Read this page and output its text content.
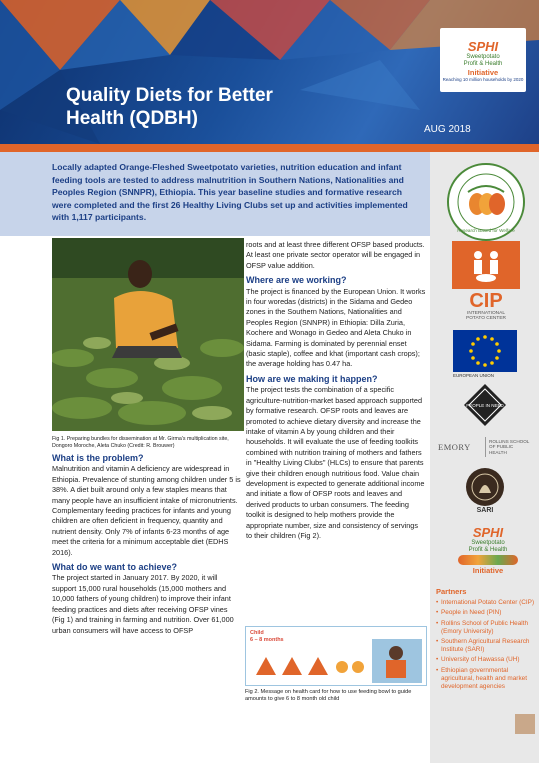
Quality Diets for Better
Health (QDBH)
AUG 2018
SPHI
Sweetpotato
Profit & Health
Initiative
Reaching 10 million households by 2020
Locally adapted Orange-Fleshed Sweetpotato varieties, nutrition education and infant feeding tools are tested to address malnutrition in Southern Nations, Nationalities and Peoples Region (SNNPR), Ethiopia. This year baseline studies and formative research were completed and the first 26 Healthy Living Clubs set up and activities implemented with 1,117 participants.
Research Based for Welfare
CIP
INTERNATIONAL
POTATO CENTER
EUROPEAN UNION
PEOPLE IN NEED
EMORY
ROLLINS SCHOOL OF PUBLIC HEALTH
SARI
SPHI
Sweetpotato
Profit & Health
Initiative
Partners
• International Potato Center (CIP)
• People in Need (PIN)
• Rollins School of Public Health (Emory University)
• Southern Agricultural Research Institute (SARI)
• University of Hawassa (UH)
• Ethiopian governmental agricultural, health and market development agencies
Fig 1. Preparing bundles for dissemination at Mr. Girma's multiplication site, Dongoro Moroche, Aleta Chuko (Credit: R. Brouwer)
What is the problem?

Malnutrition and vitamin A deficiency are widespread in Ethiopia. Prevalence of stunting among children under 5 is 38%. A diet built around only a few staples means that many people have an insufficient intake of micronutrients. Complementary feeding practices for infants and young children are often deficient in frequency, quantity and nutrient density. Only 7% of infants 6-23 months of age meet the criteria for a minimum acceptable diet (EDHS 2016).

What do we want to achieve?

The project started in January 2017. By 2020, it will support 15,000 rural households (15,000 mothers and 10,000 fathers of young children) to improve their infant feeding practices and diets after receiving OFSP vines (Fig 1) and training in farming and nutrition. Over 61,000 urban consumers will have access to OFSP

roots and at least three different OFSP based products. At least one private sector operator will be engaged in OFSP value addition.

Where are we working?

The project is financed by the European Union. It works in four woredas (districts) in the Sidama and Gedeo zones in the Southern Nations, Nationalities and Peoples Region (SNNPR) in Ethiopia: Dilla Zuria, Kochere and Wonago in Gedeo and Aleta Chuko in Sidama. Farming is dominated by perennial enset (basic staple), coffee and khat (important cash crops); the average holding has 0.47 ha.

How are we making it happen?

The project tests the combination of a specific agriculture-nutrition-market based approach supported by formative research. OFSP roots and leaves are promoted to achieve dietary diversity and increase the intake of vitamin A by young children and their households. It will evaluate the use of feeding toolkits combined with nutrition training of mothers and fathers in "Healthy Living Clubs" (HLCs) to ensure that parents give their children enough nutritious food. Value chain development is expected to generate additional income and initiate a flow of OFSP roots and leaves and derived products to urban consumers. The feeding toolkit is designed to help mothers provide the appropriate number, size and consistency of servings to their children (Fig 2).

Child
6 – 8 months
Fig 2. Message on health card for how to use feeding bowl to guide amounts to give 6 to 8 month old child
